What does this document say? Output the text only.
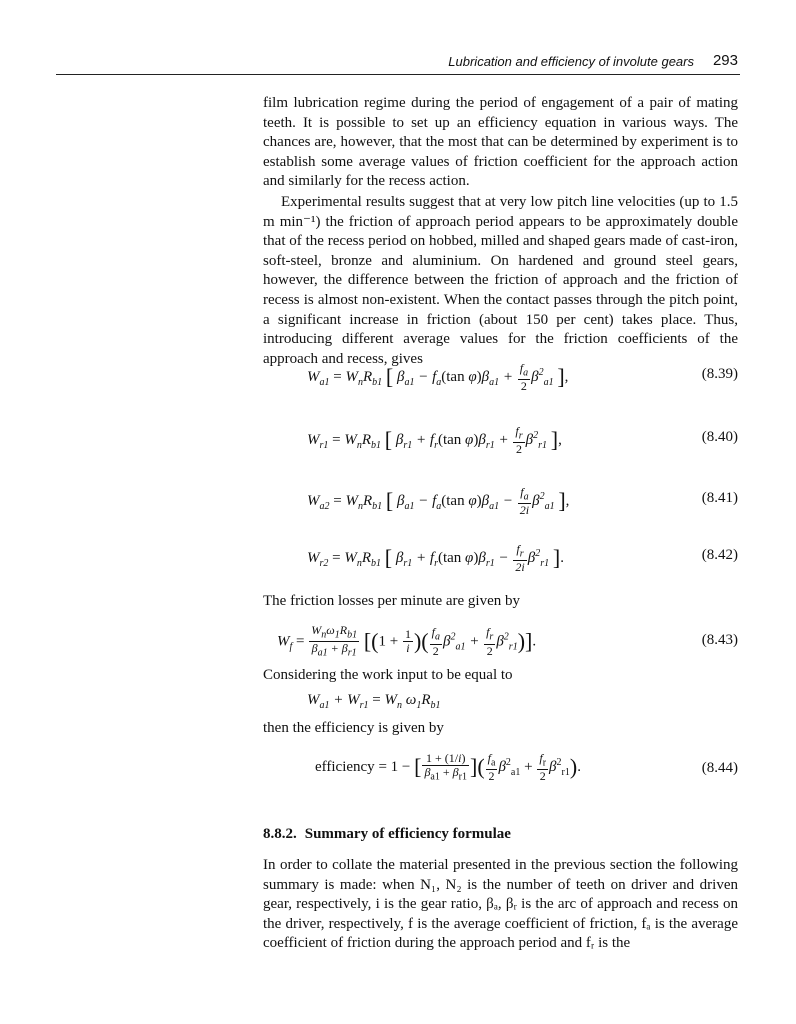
Lubrication and efficiency of involute gears 293
film lubrication regime during the period of engagement of a pair of mating teeth. It is possible to set up an efficiency equation in various ways. The chances are, however, that the most that can be determined by experiment is to establish some average values of friction coefficient for the approach action and similarly for the recess action.
Experimental results suggest that at very low pitch line velocities (up to 1.5 m min⁻¹) the friction of approach period appears to be approximately double that of the recess period on hobbed, milled and shaped gears made of cast-iron, soft-steel, bronze and aluminium. On hardened and ground steel gears, however, the difference between the friction of approach and the friction of recess is almost non-existent. When the contact passes through the pitch point, a significant increase in friction (about 150 per cent) takes place. Thus, introducing different average values for the friction coefficients of the approach and recess, gives
$W_{a1} = W_nR_{b1}$ [ $\beta_{a1} - f_a(\tan$ $\varphi)\beta_{a1} + \frac{f_a}{2} \beta^2_{a1}$ ],	(8.39)
$W_{r1} = W_nR_{b1}$ [ $\beta_{r1} + f_r(\tan$ $\varphi)\beta_{r1} + \frac{f_r}{2} \beta^2_{r1}$ ],	(8.40)
$W_{a2} = W_nR_{b1}$ [ $\beta_{a1} - f_a(\tan$ $\varphi)\beta_{a1} - \frac{f_a}{2i} \beta^2_{a1}$ ],	(8.41)
$W_{r2} = W_nR_{b1}$ [ $\beta_{r1} + f_r(\tan$ $\varphi)\beta_{r1} - \frac{f_r}{2i} \beta^2_{r1}$ ].	(8.42)
The friction losses per minute are given by
$W_f = \frac{W_n\omega_1R_{b1}}{\beta_{a1} + \beta_{r1}} [(1 + \frac{1}{i}$ )( $\frac{f_a}{2} \beta^2_{a1} + \frac{f_r}{2} \beta^2_{r1}$)].	(8.43)
Considering the work input to be equal to
$W_{a1} + W_{r1} = W_n$ $\omega_1R_{b1}$
then the efficiency is given by
efficiency = 1 − [ $\frac{1 + (1/i)}{\beta_{a1} + \beta_{r1}}$ ]( $\frac{f_a}{2} \beta^2_{a1} + \frac{f_r}{2} \beta^2_{r1}$).	(8.44)
8.8.2. Summary of efficiency formulae
In order to collate the material presented in the previous section the following summary is made: when N₁, N₂ is the number of teeth on driver and driven gear, respectively, i is the gear ratio, βₐ, βᵣ is the arc of approach and recess on the driver, respectively, f is the average coefficient of friction, fₐ is the average coefficient of friction during the approach period and fᵣ is the
